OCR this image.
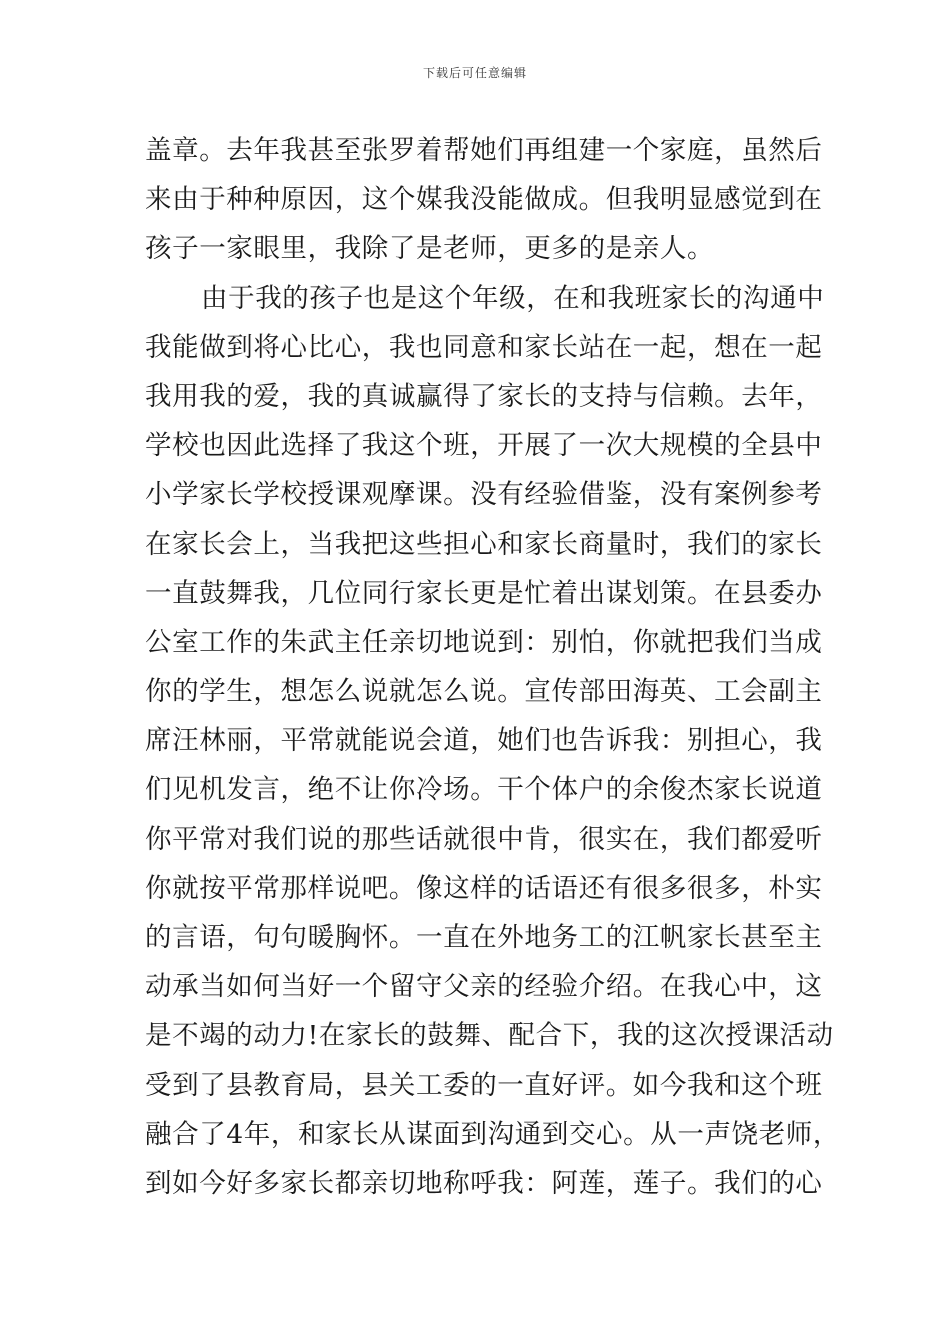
下载后可任意编辑
盖章。去年我甚至张罗着帮她们再组建一个家庭，虽然后
来由于种种原因，这个媒我没能做成。但我明显感觉到在
孩子一家眼里，我除了是老师，更多的是亲人。
由于我的孩子也是这个年级，在和我班家长的沟通中
我能做到将心比心，我也同意和家长站在一起，想在一起
我用我的爱，我的真诚赢得了家长的支持与信赖。去年，
学校也因此选择了我这个班，开展了一次大规模的全县中
小学家长学校授课观摩课。没有经验借鉴，没有案例参考
在家长会上，当我把这些担心和家长商量时，我们的家长
一直鼓舞我，几位同行家长更是忙着出谋划策。在县委办
公室工作的朱武主任亲切地说到：别怕，你就把我们当成
你的学生，想怎么说就怎么说。宣传部田海英、工会副主
席汪林丽，平常就能说会道，她们也告诉我：别担心，我
们见机发言，绝不让你冷场。干个体户的余俊杰家长说道
你平常对我们说的那些话就很中肯，很实在，我们都爱听
你就按平常那样说吧。像这样的话语还有很多很多，朴实
的言语，句句暖胸怀。一直在外地务工的江帆家长甚至主
动承当如何当好一个留守父亲的经验介绍。在我心中，这
是不竭的动力!在家长的鼓舞、配合下，我的这次授课活动
受到了县教育局，县关工委的一直好评。如今我和这个班
融合了4年，和家长从谋面到沟通到交心。从一声饶老师，
到如今好多家长都亲切地称呼我：阿莲，莲子。我们的心
